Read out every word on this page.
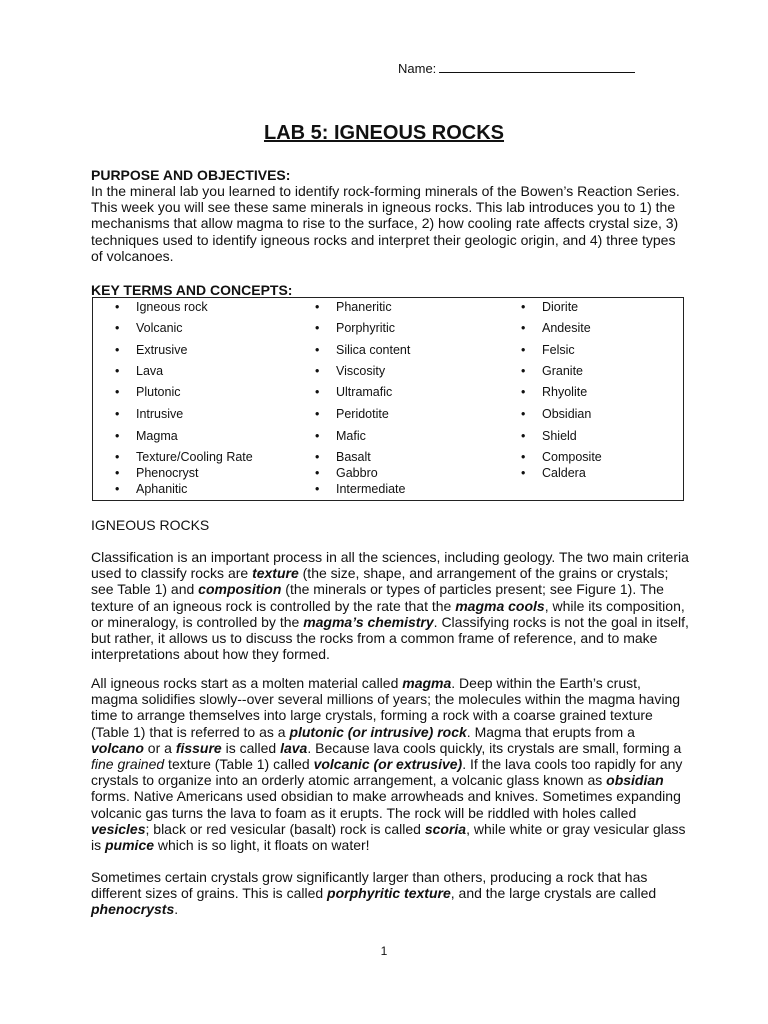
Name:
LAB 5: IGNEOUS ROCKS
PURPOSE AND OBJECTIVES:
In the mineral lab you learned to identify rock-forming minerals of the Bowen’s Reaction Series. This week you will see these same minerals in igneous rocks. This lab introduces you to 1) the mechanisms that allow magma to rise to the surface, 2) how cooling rate affects crystal size, 3) techniques used to identify igneous rocks and interpret their geologic origin, and 4) three types of volcanoes.
KEY TERMS AND CONCEPTS:
• Igneous rock
• Volcanic
• Extrusive
• Lava
• Plutonic
• Intrusive
• Magma
• Texture/Cooling Rate
• Phenocryst
• Aphanitic
• Phaneritic
• Porphyritic
• Silica content
• Viscosity
• Ultramafic
• Peridotite
• Mafic
• Basalt
• Gabbro
• Intermediate
• Diorite
• Andesite
• Felsic
• Granite
• Rhyolite
• Obsidian
• Shield
• Composite
• Caldera
IGNEOUS ROCKS
Classification is an important process in all the sciences, including geology. The two main criteria used to classify rocks are texture (the size, shape, and arrangement of the grains or crystals; see Table 1) and composition (the minerals or types of particles present; see Figure 1). The texture of an igneous rock is controlled by the rate that the magma cools, while its composition, or mineralogy, is controlled by the magma’s chemistry. Classifying rocks is not the goal in itself, but rather, it allows us to discuss the rocks from a common frame of reference, and to make interpretations about how they formed.
All igneous rocks start as a molten material called magma. Deep within the Earth’s crust, magma solidifies slowly--over several millions of years; the molecules within the magma having time to arrange themselves into large crystals, forming a rock with a coarse grained texture (Table 1) that is referred to as a plutonic (or intrusive) rock. Magma that erupts from a volcano or a fissure is called lava. Because lava cools quickly, its crystals are small, forming a fine grained texture (Table 1) called volcanic (or extrusive). If the lava cools too rapidly for any crystals to organize into an orderly atomic arrangement, a volcanic glass known as obsidian forms. Native Americans used obsidian to make arrowheads and knives. Sometimes expanding volcanic gas turns the lava to foam as it erupts. The rock will be riddled with holes called vesicles; black or red vesicular (basalt) rock is called scoria, while white or gray vesicular glass is pumice which is so light, it floats on water!
Sometimes certain crystals grow significantly larger than others, producing a rock that has different sizes of grains. This is called porphyritic texture, and the large crystals are called phenocrysts.
1
